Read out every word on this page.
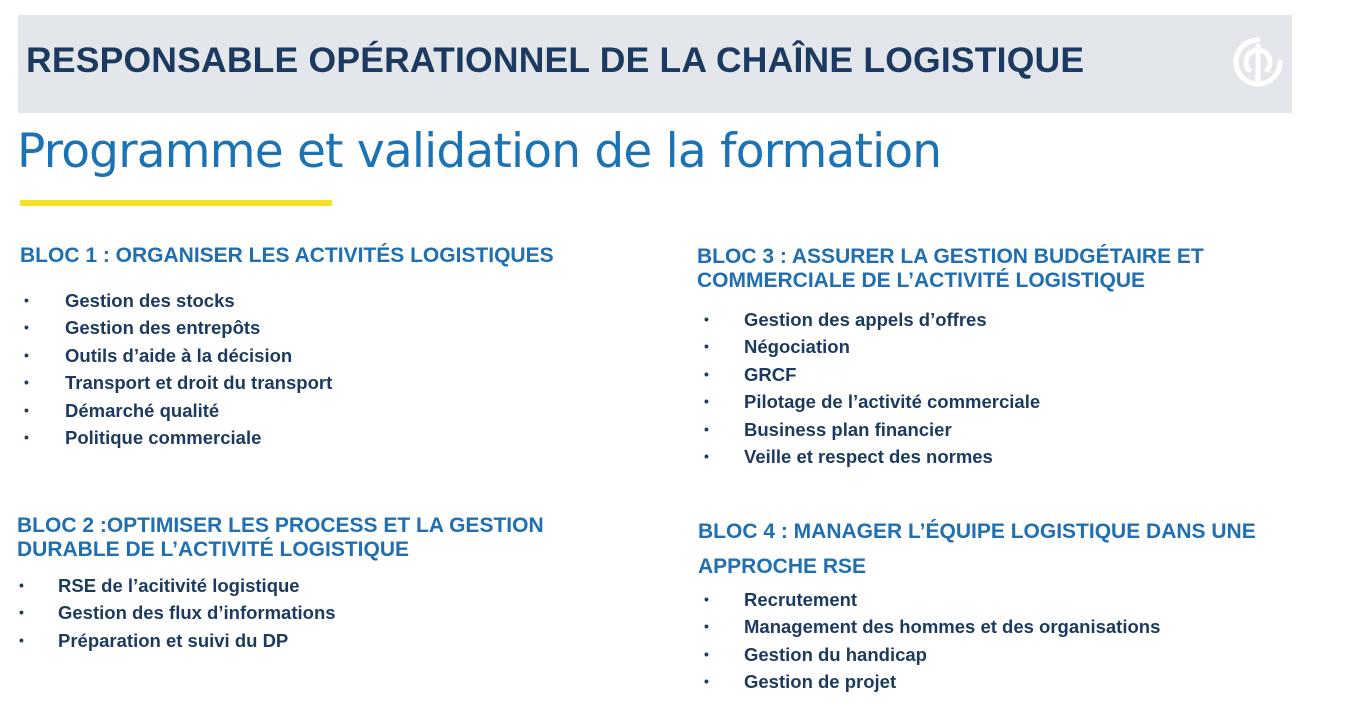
RESPONSABLE OPÉRATIONNEL DE LA CHAÎNE LOGISTIQUE
Programme et validation de la formation
BLOC 1 : ORGANISER LES ACTIVITÉS LOGISTIQUES
• Gestion des stocks
• Gestion des entrepôts
• Outils d’aide à la décision
• Transport et droit du transport
• Démarché qualité
• Politique commerciale
BLOC 2 :OPTIMISER LES PROCESS ET LA GESTION
DURABLE DE L’ACTIVITÉ LOGISTIQUE
• RSE de l’acitivité logistique
• Gestion des flux d’informations
• Préparation et suivi du DP
BLOC 3 : ASSURER LA GESTION BUDGÉTAIRE ET
COMMERCIALE DE L’ACTIVITÉ LOGISTIQUE
• Gestion des appels d’offres
• Négociation
• GRCF
• Pilotage de l’activité commerciale
• Business plan financier
• Veille et respect des normes
BLOC 4 : MANAGER L’ÉQUIPE LOGISTIQUE DANS UNE
APPROCHE RSE
• Recrutement
• Management des hommes et des organisations
• Gestion du handicap
• Gestion de projet
